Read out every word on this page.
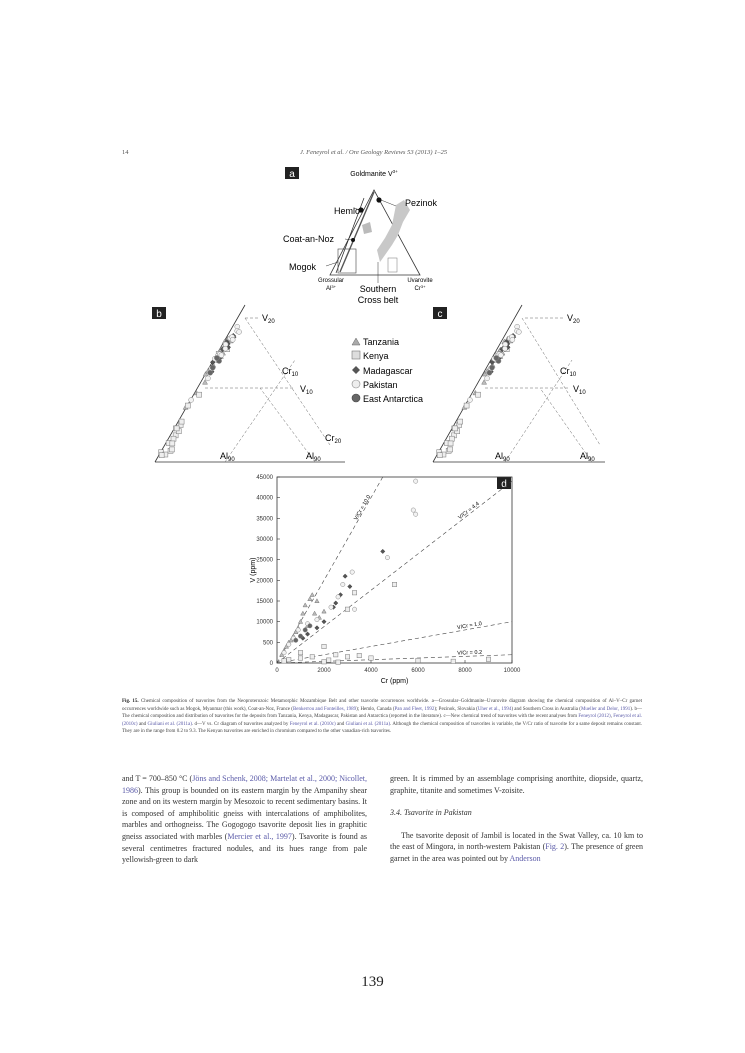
14	J. Feneyrol et al. / Ore Geology Reviews 53 (2013) 1–25
a	Goldmanite $V^{3+}$
Pezinok
Hemlo
Coat-an-Noz
Mogok
Grossular
$Al^{3+}$	Southern
Cross belt
Uvarovite
$Cr^{3+}$
b	$V_{20}$
$Cr_{10}$
$V_{10}$
$Cr_{20}$
$Al_{90}$	$Al_{90}$
Tanzania
Kenya
Madagascar
Pakistan
East Antarctica
c	$V_{20}$
$Cr_{10}$
$V_{10}$
$Al_{90}$	$Al_{90}$
d
0
500
10000
15000
20000
25000
30000
35000
40000
45000
0	2000	4000	6000	8000	10000
Cr (ppm)
V (ppm)
V/Cr = 10.0	V/Cr = 4.4
V/Cr = 1.0
V/Cr = 0.2
Fig. 15. Chemical composition of tsavorites from the Neoproterozoic Metamorphic Mozambique Belt and other tsavorite occurrences worldwide. a—Grossular–Goldmanite–Uvarovite diagram showing the chemical composition of Al–V–Cr garnet occurrences worldwide such as Mogok, Myanmar (this work), Coat-an-Noz, France (Benkerrou and Fonteilles, 1989); Hemlo, Canada (Pan and Fleet, 1992); Pezinok, Slovakia (Uher et al., 1994) and Southern Cross in Australia (Mueller and Delor, 1991). b—The chemical composition and distribution of tsavorites for the deposits from Tanzania, Kenya, Madagascar, Pakistan and Antarctica (reported in the literature). c—New chemical trend of tsavorites with the recent analyses from Feneyrol (2012), Feneyrol et al. (2010c) and Giuliani et al. (2011a). d—V vs. Cr diagram of tsavorites analyzed by Feneyrol et al. (2010c) and Giuliani et al. (2011a). Although the chemical composition of tsavorites is variable, the V/Cr ratio of tsavorite for a same deposit remains constant. They are in the range from 0.2 to 9.3. The Kenyan tsavorites are enriched in chromium compared to the other vanadian-rich tsavorites.
and T = 700–850 °C (Jöns and Schenk, 2008; Martelat et al., 2000; Nicollet, 1986). This group is bounded on its eastern margin by the Ampanihy shear zone and on its western margin by Mesozoic to recent sedimentary basins. It is composed of amphibolitic gneiss with intercalations of amphibolites, marbles and orthogneiss. The Gogogogo tsavorite deposit lies in graphitic gneiss associated with marbles (Mercier et al., 1997). Tsavorite is found as several centimetres fractured nodules, and its hues range from pale yellowish-green to dark
green. It is rimmed by an assemblage comprising anorthite, diopside, quartz, graphite, titanite and sometimes V-zoisite.
3.4. Tsavorite in Pakistan
The tsavorite deposit of Jambil is located in the Swat Valley, ca. 10 km to the east of Mingora, in north-western Pakistan (Fig. 2). The presence of green garnet in the area was pointed out by Anderson
139
